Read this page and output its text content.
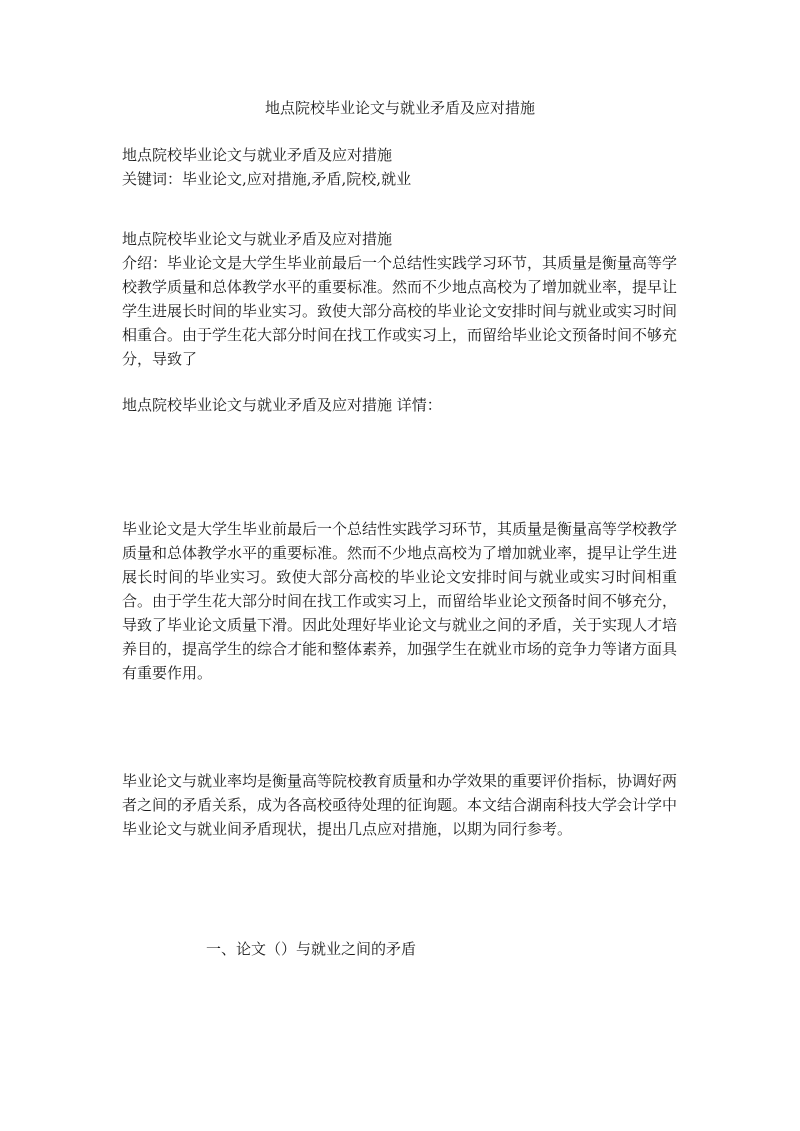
地点院校毕业论文与就业矛盾及应对措施

地点院校毕业论文与就业矛盾及应对措施

关键词：毕业论文,应对措施,矛盾,院校,就业

地点院校毕业论文与就业矛盾及应对措施

介绍：毕业论文是大学生毕业前最后一个总结性实践学习环节，其质量是衡量高等学校教学质量和总体教学水平的重要标准。然而不少地点高校为了增加就业率，提早让学生进展长时间的毕业实习。致使大部分高校的毕业论文安排时间与就业或实习时间相重合。由于学生花大部分时间在找工作或实习上，而留给毕业论文预备时间不够充分，导致了

地点院校毕业论文与就业矛盾及应对措施 详情：

毕业论文是大学生毕业前最后一个总结性实践学习环节，其质量是衡量高等学校教学质量和总体教学水平的重要标准。然而不少地点高校为了增加就业率，提早让学生进展长时间的毕业实习。致使大部分高校的毕业论文安排时间与就业或实习时间相重合。由于学生花大部分时间在找工作或实习上，而留给毕业论文预备时间不够充分，导致了毕业论文质量下滑。因此处理好毕业论文与就业之间的矛盾，关于实现人才培养目的，提高学生的综合才能和整体素养，加强学生在就业市场的竞争力等诸方面具有重要作用。

毕业论文与就业率均是衡量高等院校教育质量和办学效果的重要评价指标，协调好两者之间的矛盾关系，成为各高校亟待处理的征询题。本文结合湖南科技大学会计学中毕业论文与就业间矛盾现状，提出几点应对措施，以期为同行参考。

一、论文（）与就业之间的矛盾
